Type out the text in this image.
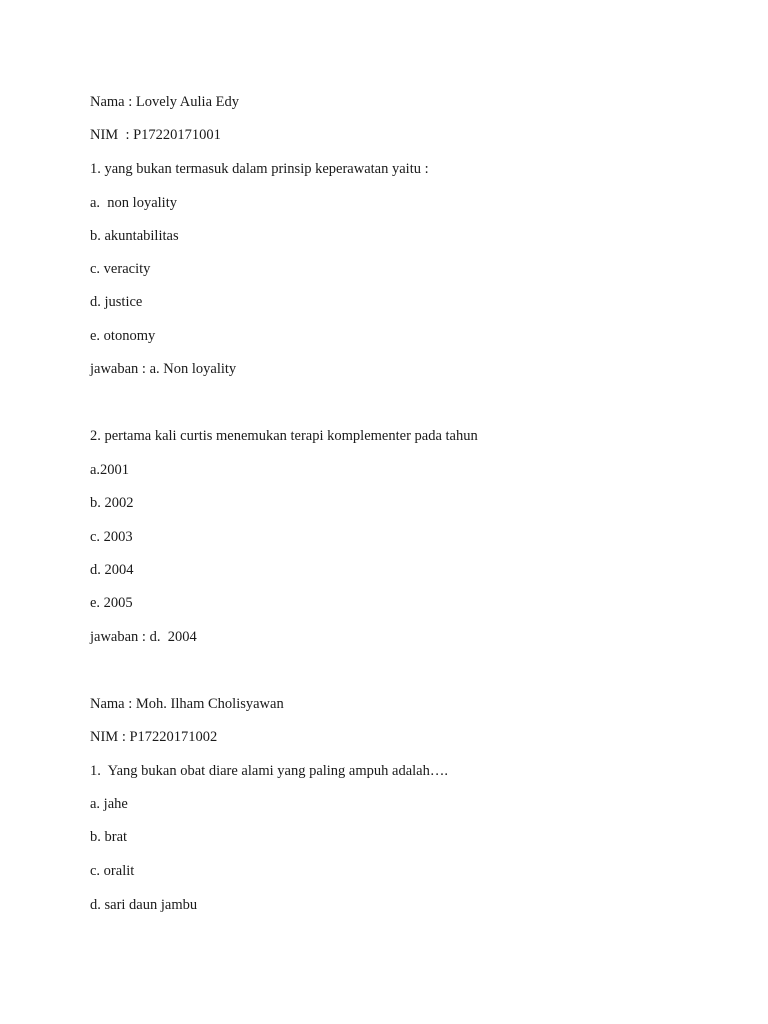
Nama : Lovely Aulia Edy
NIM  : P17220171001
1. yang bukan termasuk dalam prinsip keperawatan yaitu :
a.  non loyality
b. akuntabilitas
c. veracity
d. justice
e. otonomy
jawaban : a. Non loyality
2. pertama kali curtis menemukan terapi komplementer pada tahun
a.2001
b. 2002
c. 2003
d. 2004
e. 2005
jawaban : d.  2004
Nama : Moh. Ilham Cholisyawan
NIM : P17220171002
1.  Yang bukan obat diare alami yang paling ampuh adalah….
a. jahe
b. brat
c. oralit
d. sari daun jambu
